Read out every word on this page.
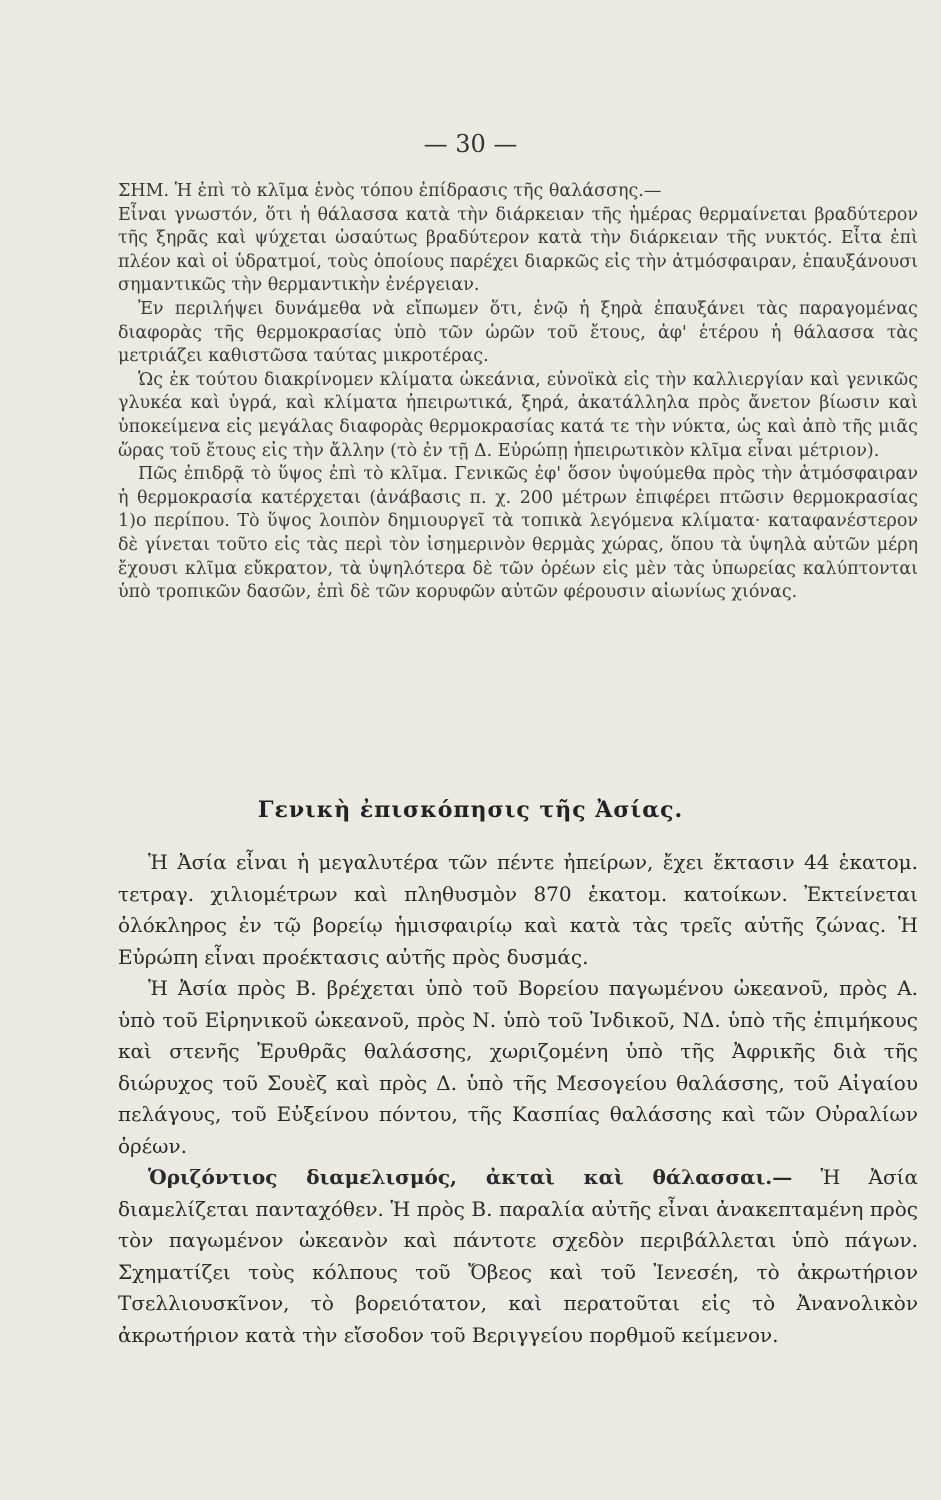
— 30 —

ΣΗΜ. Ἡ ἐπὶ τὸ κλῖμα ἑνὸς τόπου ἐπίδρασις τῆς θαλάσσης.—

Εἶναι γνωστόν, ὅτι ἡ θάλασσα κατὰ τὴν διάρκειαν τῆς ἡμέρας θερμαίνεται βραδύτερον τῆς ξηρᾶς καὶ ψύχεται ὡσαύτως βραδύτερον κατὰ τὴν διάρκειαν τῆς νυκτός. Εἶτα ἐπὶ πλέον καὶ οἱ ὑδρατμοί, τοὺς ὁποίους παρέχει διαρκῶς εἰς τὴν ἀτμόσφαιραν, ἐπαυξάνουσι σημαντικῶς τὴν θερμαντικὴν ἐνέργειαν.

Ἐν περιλήψει δυνάμεθα νὰ εἴπωμεν ὅτι, ἐνῷ ἡ ξηρὰ ἐπαυξάνει τὰς παραγομένας διαφορὰς τῆς θερμοκρασίας ὑπὸ τῶν ὡρῶν τοῦ ἔτους, ἀφ' ἑτέρου ἡ θάλασσα τὰς μετριάζει καθιστῶσα ταύτας μικροτέρας.

Ὡς ἐκ τούτου διακρίνομεν κλίματα ὠκεάνια, εὐνοϊκὰ εἰς τὴν καλλιεργίαν καὶ γενικῶς γλυκέα καὶ ὑγρά, καὶ κλίματα ἠπειρωτικά, ξηρά, ἀκατάλληλα πρὸς ἄνετον βίωσιν καὶ ὑποκείμενα εἰς μεγάλας διαφορὰς θερμοκρασίας κατά τε τὴν νύκτα, ὡς καὶ ἀπὸ τῆς μιᾶς ὥρας τοῦ ἔτους εἰς τὴν ἄλλην (τὸ ἐν τῇ Δ. Εὐρώπῃ ἠπειρωτικὸν κλῖμα εἶναι μέτριον).

Πῶς ἐπιδρᾷ τὸ ὕψος ἐπὶ τὸ κλῖμα. Γενικῶς ἐφ' ὅσον ὑψούμεθα πρὸς τὴν ἀτμόσφαιραν ἡ θερμοκρασία κατέρχεται (ἀνάβασις π. χ. 200 μέτρων ἐπιφέρει πτῶσιν θερμοκρασίας 1)ο περίπου. Τὸ ὕψος λοιπὸν δημιουργεῖ τὰ τοπικὰ λεγόμενα κλίματα· καταφανέστερον δὲ γίνεται τοῦτο εἰς τὰς περὶ τὸν ἰσημερινὸν θερμὰς χώρας, ὅπου τὰ ὑψηλὰ αὐτῶν μέρη ἔχουσι κλῖμα εὔκρατον, τὰ ὑψηλότερα δὲ τῶν ὀρέων εἰς μὲν τὰς ὑπωρείας καλύπτονται ὑπὸ τροπικῶν δασῶν, ἐπὶ δὲ τῶν κορυφῶν αὐτῶν φέρουσιν αἰωνίως χιόνας.

Γενικὴ ἐπισκόπησις τῆς Ἀσίας.

Ἡ Ἀσία εἶναι ἡ μεγαλυτέρα τῶν πέντε ἠπείρων, ἔχει ἔκτασιν 44 ἑκατομ. τετραγ. χιλιομέτρων καὶ πληθυσμὸν 870 ἑκατομ. κατοίκων. Ἐκτείνεται ὁλόκληρος ἐν τῷ βορείῳ ἡμισφαιρίῳ καὶ κατὰ τὰς τρεῖς αὐτῆς ζώνας. Ἡ Εὐρώπη εἶναι προέκτασις αὐτῆς πρὸς δυσμάς.

Ἡ Ἀσία πρὸς Β. βρέχεται ὑπὸ τοῦ Βορείου παγωμένου ὠκεανοῦ, πρὸς Α. ὑπὸ τοῦ Εἰρηνικοῦ ὠκεανοῦ, πρὸς Ν. ὑπὸ τοῦ Ἰνδικοῦ, ΝΔ. ὑπὸ τῆς ἐπιμήκους καὶ στενῆς Ἐρυθρᾶς θαλάσσης, χωριζομένη ὑπὸ τῆς Ἀφρικῆς διὰ τῆς διώρυχος τοῦ Σουὲζ καὶ πρὸς Δ. ὑπὸ τῆς Μεσογείου θαλάσσης, τοῦ Αἰγαίου πελάγους, τοῦ Εὐξείνου πόντου, τῆς Κασπίας θαλάσσης καὶ τῶν Οὐραλίων ὀρέων.

Ὁριζόντιος διαμελισμός, ἀκταὶ καὶ θάλασσαι.— Ἡ Ἀσία διαμελίζεται πανταχόθεν. Ἡ πρὸς Β. παραλία αὐτῆς εἶναι ἀνακεπταμένη πρὸς τὸν παγωμένον ὠκεανὸν καὶ πάντοτε σχεδὸν περιβάλλεται ὑπὸ πάγων. Σχηματίζει τοὺς κόλπους τοῦ Ὄβεος καὶ τοῦ Ἰενεσέη, τὸ ἀκρωτήριον Τσελλιουσκῖνον, τὸ βορειότατον, καὶ περατοῦται εἰς τὸ Ἀνανολικὸν ἀκρωτήριον κατὰ τὴν εἴσοδον τοῦ Βεριγγείου πορθμοῦ κείμενον.
